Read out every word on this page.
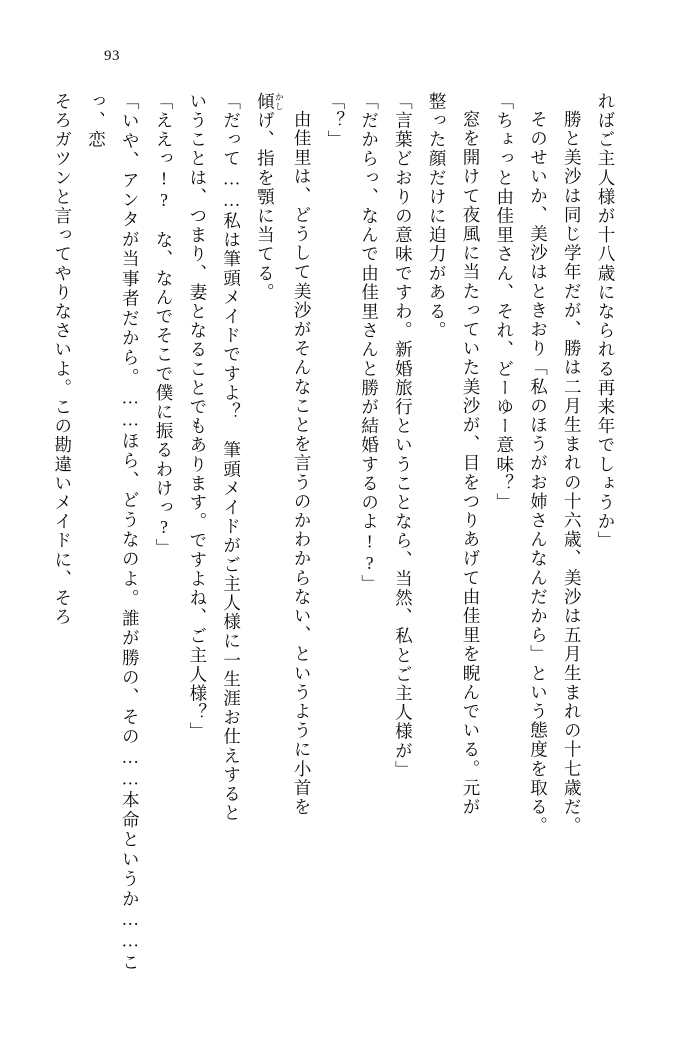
93

ればご主人様が十八歳になられる再来年でしょうか」

勝と美沙は同じ学年だが、勝は二月生まれの十六歳、美沙は五月生まれの十七歳だ。

そのせいか、美沙はときおり「私のほうがお姉さんなんだから」という態度を取る。

「ちょっと由佳里さん、それ、どーゆー意味？」

窓を開けて夜風に当たっていた美沙が、目をつりあげて由佳里を睨んでいる。元が

整った顔だけに迫力がある。

「言葉どおりの意味ですわ。新婚旅行ということなら、当然、私とご主人様が」

「だからっ、なんで由佳里さんと勝が結婚するのよ!?」

「？」

由佳里は、どうして美沙がそんなことを言うのかわからない、というように小首を

傾 かしげ、指を顎に当てる。

「だって……私は筆頭メイドですよ？　筆頭メイドがご主人様に一生涯お仕えすると

いうことは、つまり、妻となることでもあります。ですよね、ご主人様？」

「ええっ!?　な、なんでそこで僕に振るわけっ?」

「いや、アンタが当事者だから。……ほら、どうなのよ。誰が勝の、その……本命というか……こっ、恋

そろガツンと言ってやりなさいよ。この勘違いメイドに、そろ
